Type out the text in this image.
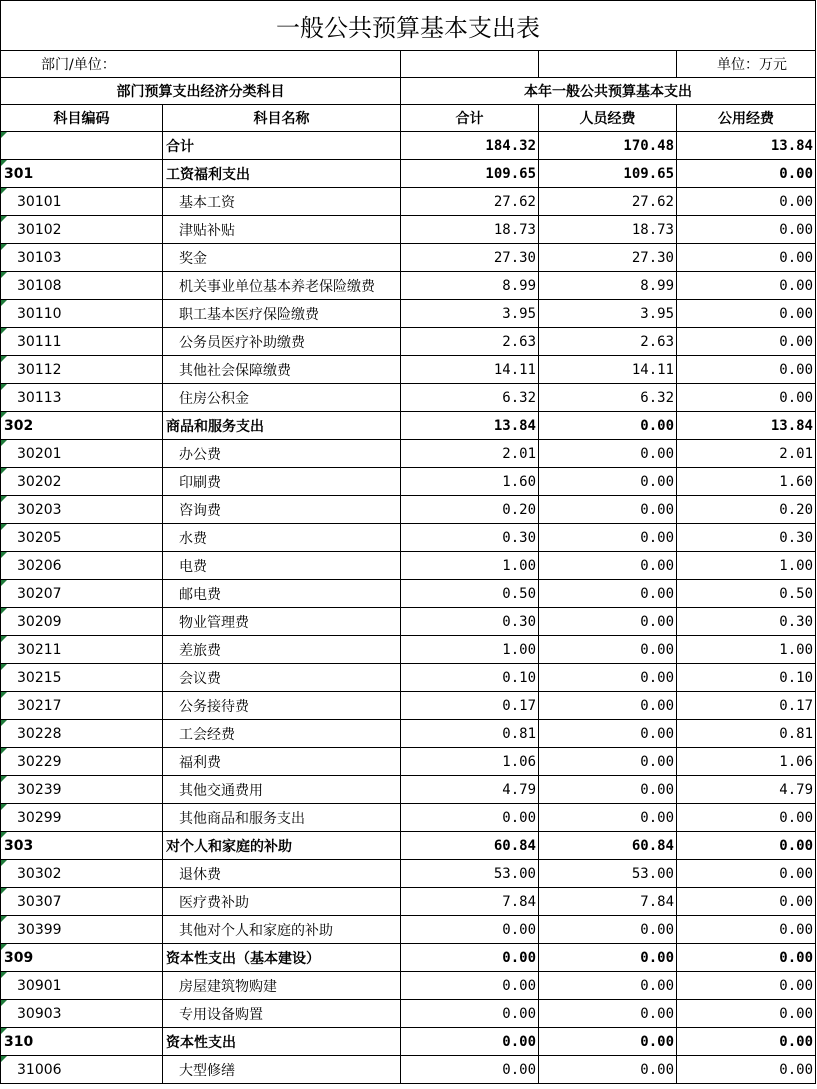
一般公共预算基本支出表				
部门/单位：				单位：万元
部门预算支出经济分类科目		本年一般公共预算基本支出		
科目编码	科目名称	合计	人员经费	公用经费
	合计	184.32	170.48	13.84
301	工资福利支出	109.65	109.65	0.00
30101	基本工资	27.62	27.62	0.00
30102	津贴补贴	18.73	18.73	0.00
30103	奖金	27.30	27.30	0.00
30108	机关事业单位基本养老保险缴费	8.99	8.99	0.00
30110	职工基本医疗保险缴费	3.95	3.95	0.00
30111	公务员医疗补助缴费	2.63	2.63	0.00
30112	其他社会保障缴费	14.11	14.11	0.00
30113	住房公积金	6.32	6.32	0.00
302	商品和服务支出	13.84	0.00	13.84
30201	办公费	2.01	0.00	2.01
30202	印刷费	1.60	0.00	1.60
30203	咨询费	0.20	0.00	0.20
30205	水费	0.30	0.00	0.30
30206	电费	1.00	0.00	1.00
30207	邮电费	0.50	0.00	0.50
30209	物业管理费	0.30	0.00	0.30
30211	差旅费	1.00	0.00	1.00
30215	会议费	0.10	0.00	0.10
30217	公务接待费	0.17	0.00	0.17
30228	工会经费	0.81	0.00	0.81
30229	福利费	1.06	0.00	1.06
30239	其他交通费用	4.79	0.00	4.79
30299	其他商品和服务支出	0.00	0.00	0.00
303	对个人和家庭的补助	60.84	60.84	0.00
30302	退休费	53.00	53.00	0.00
30307	医疗费补助	7.84	7.84	0.00
30399	其他对个人和家庭的补助	0.00	0.00	0.00
309	资本性支出（基本建设）	0.00	0.00	0.00
30901	房屋建筑物购建	0.00	0.00	0.00
30903	专用设备购置	0.00	0.00	0.00
310	资本性支出	0.00	0.00	0.00
31006	大型修缮	0.00	0.00	0.00
